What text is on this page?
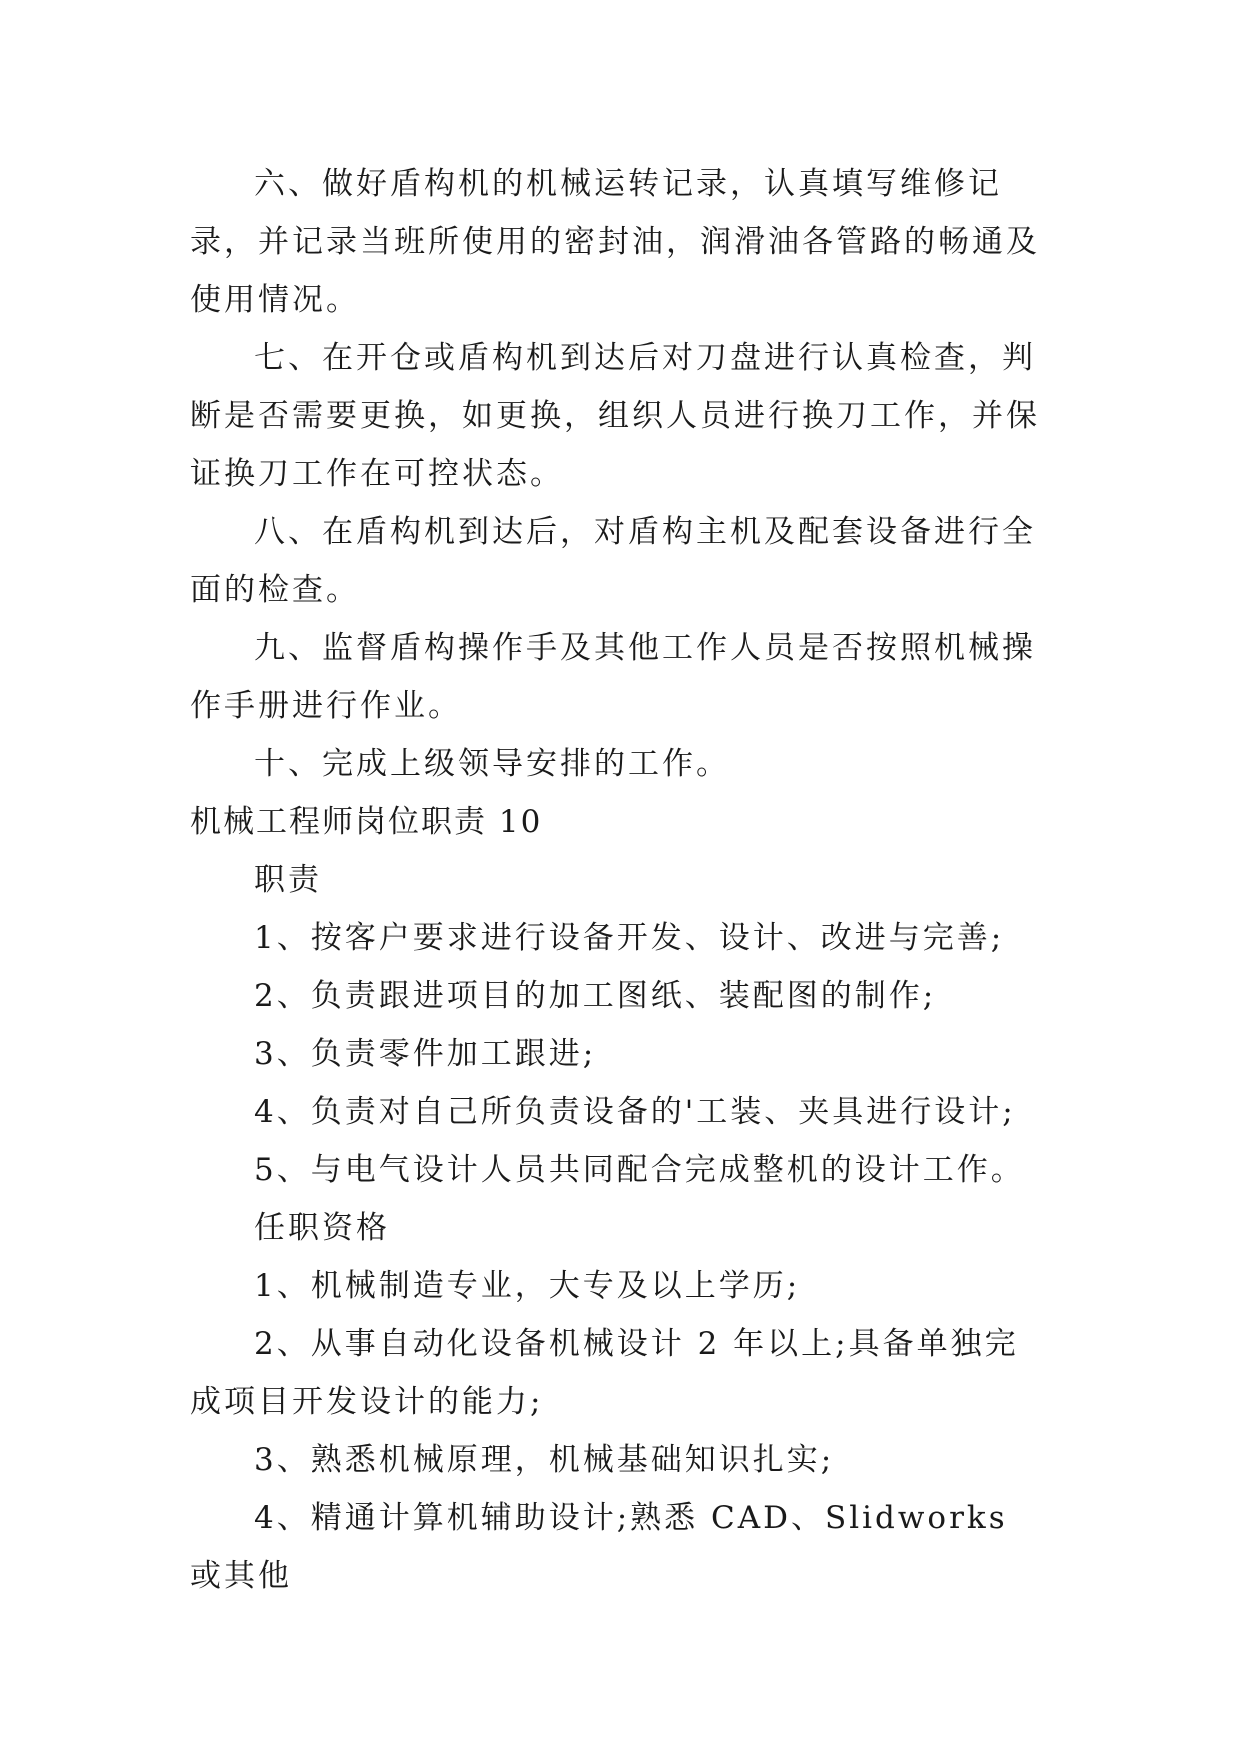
六、做好盾构机的机械运转记录，认真填写维修记录，并记录当班所使用的密封油，润滑油各管路的畅通及使用情况。

七、在开仓或盾构机到达后对刀盘进行认真检查，判断是否需要更换，如更换，组织人员进行换刀工作，并保证换刀工作在可控状态。

八、在盾构机到达后，对盾构主机及配套设备进行全面的检查。

九、监督盾构操作手及其他工作人员是否按照机械操作手册进行作业。

十、完成上级领导安排的工作。

机械工程师岗位职责 10

职责

1、按客户要求进行设备开发、设计、改进与完善;

2、负责跟进项目的加工图纸、装配图的制作;

3、负责零件加工跟进;

4、负责对自己所负责设备的'工装、夹具进行设计;

5、与电气设计人员共同配合完成整机的设计工作。

任职资格

1、机械制造专业，大专及以上学历;

2、从事自动化设备机械设计 2 年以上;具备单独完成项目开发设计的能力;

3、熟悉机械原理，机械基础知识扎实;

4、精通计算机辅助设计;熟悉 CAD、Slidworks 或其他
